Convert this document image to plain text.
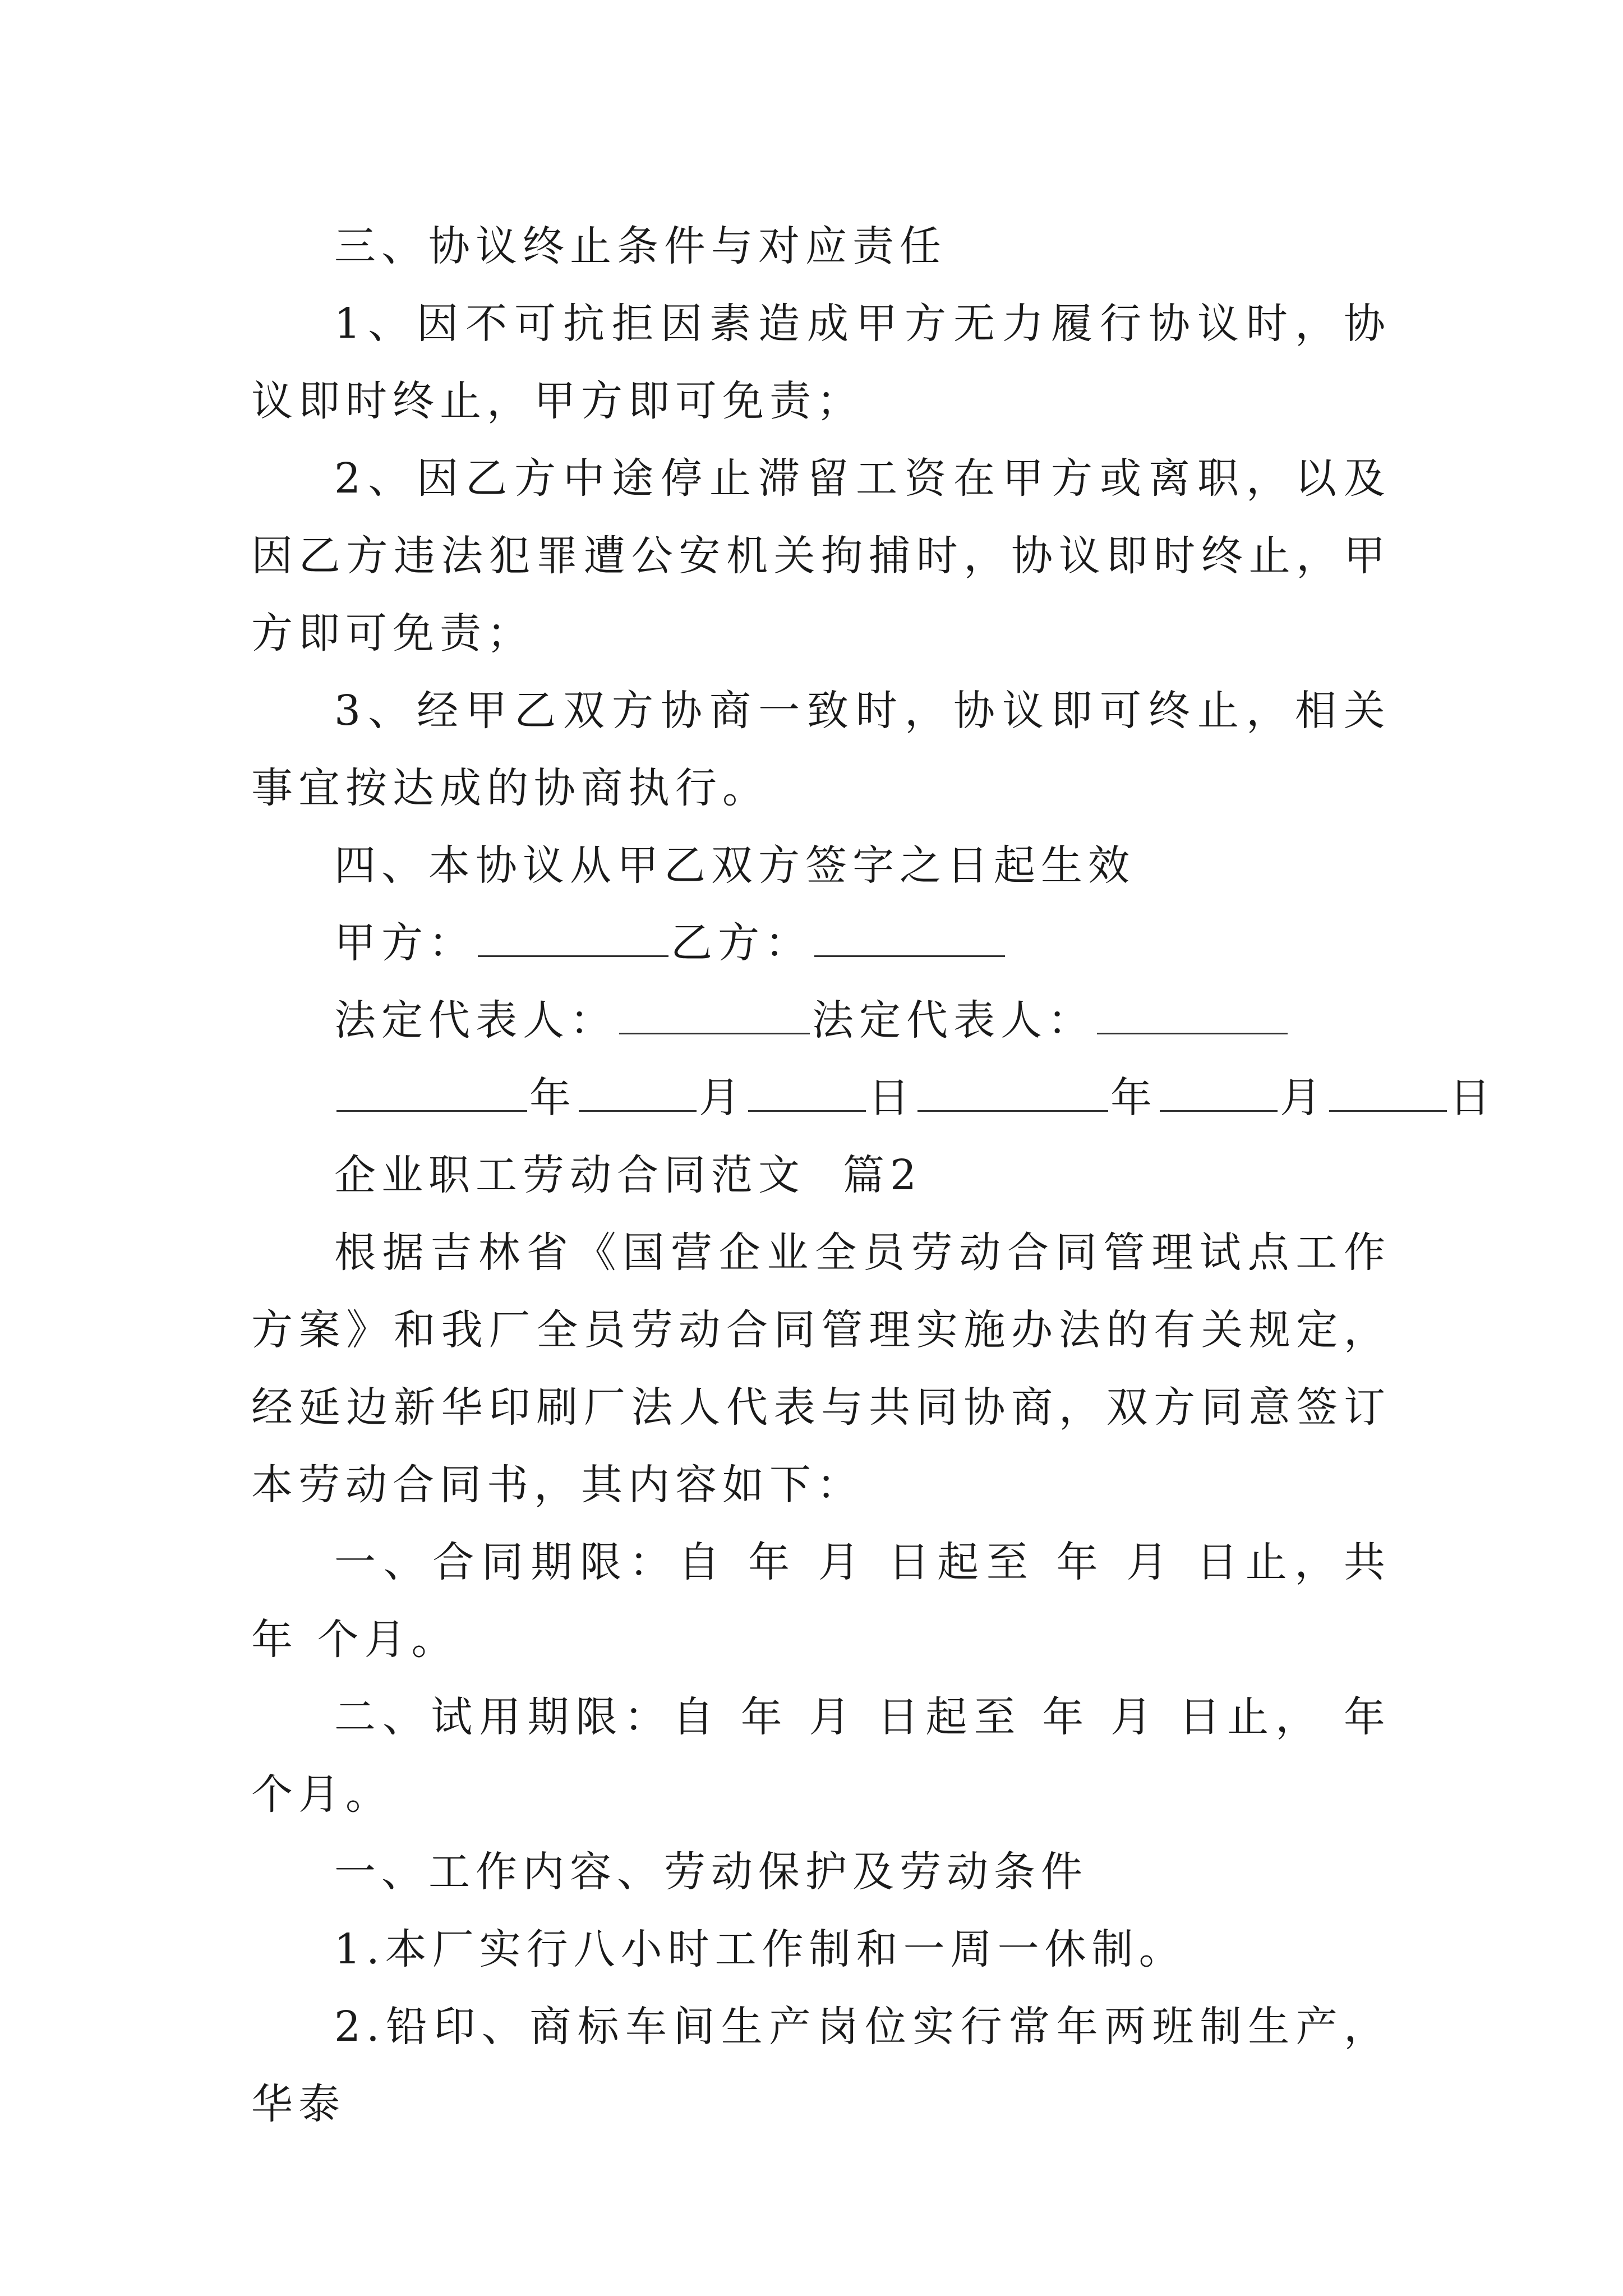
三、协议终止条件与对应责任

1、因不可抗拒因素造成甲方无力履行协议时，协议即时终止，甲方即可免责；

2、因乙方中途停止滞留工资在甲方或离职，以及因乙方违法犯罪遭公安机关拘捕时，协议即时终止，甲方即可免责；

3、经甲乙双方协商一致时，协议即可终止，相关事宜按达成的协商执行。

四、本协议从甲乙双方签字之日起生效

甲方：	乙方：

法定代表人：	法定代表人：

年	月	日	年	月	日

企业职工劳动合同范文  篇2

根据吉林省《国营企业全员劳动合同管理试点工作方案》和我厂全员劳动合同管理实施办法的有关规定，经延边新华印刷厂法人代表与共同协商，双方同意签订本劳动合同书，其内容如下：

一、合同期限：自 年 月 日起至 年 月 日止，共 年 个月。

二、试用期限：自 年 月 日起至 年 月 日止， 年 个月。

一、工作内容、劳动保护及劳动条件

1.本厂实行八小时工作制和一周一休制。

2.铅印、商标车间生产岗位实行常年两班制生产，华泰
